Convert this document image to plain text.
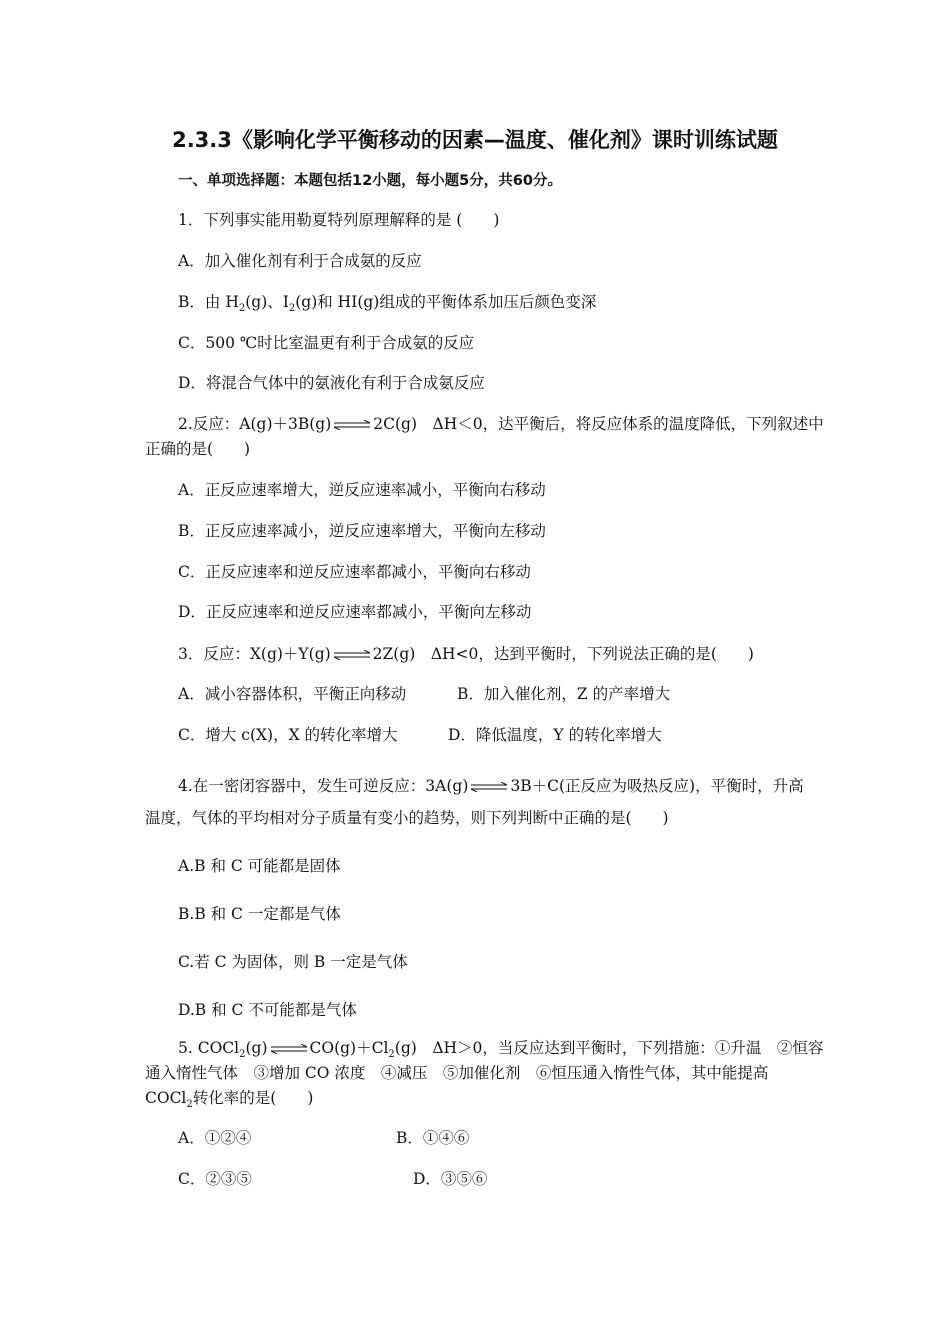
2.3.3《影响化学平衡移动的因素—温度、催化剂》课时训练试题
一、单项选择题：本题包括12小题，每小题5分，共60分。
1．下列事实能用勒夏特列原理解释的是 (　　)
A．加入催化剂有利于合成氨的反应
B．由 $H_2(g)$、$I_2(g)$和 HI(g)组成的平衡体系加压后颜色变深
C．500 ℃时比室温更有利于合成氨的反应
D．将混合气体中的氨液化有利于合成氨反应
2.反应：A(g)＋3B(g)⇌2C(g)　ΔH＜0，达平衡后，将反应体系的温度降低，下列叙述中
正确的是(　　)
A．正反应速率增大，逆反应速率减小，平衡向右移动
B．正反应速率减小，逆反应速率增大，平衡向左移动
C．正反应速率和逆反应速率都减小，平衡向右移动
D．正反应速率和逆反应速率都减小，平衡向左移动
3．反应：X(g)＋Y(g)⇌2Z(g)　ΔH<0，达到平衡时，下列说法正确的是(　　)
A．减小容器体积，平衡正向移动	B．加入催化剂，Z 的产率增大
C．增大 c(X)，X 的转化率增大	D．降低温度，Y 的转化率增大
4.在一密闭容器中，发生可逆反应：3A(g)⇌3B＋C(正反应为吸热反应)，平衡时，升高
温度，气体的平均相对分子质量有变小的趋势，则下列判断中正确的是(　　)
A.B 和 C 可能都是固体
B.B 和 C 一定都是气体
C.若 C 为固体，则 B 一定是气体
D.B 和 C 不可能都是气体
5. $COCl_2(g)\rightleftharpoons CO(g)+Cl_2(g)$　ΔH＞0，当反应达到平衡时，下列措施：①升温　②恒容
通入惰性气体　③增加 CO 浓度　④减压　⑤加催化剂　⑥恒压通入惰性气体，其中能提高
COCl$_2$转化率的是(　　)
A．①②④	B．①④⑥
C．②③⑤	D．③⑤⑥
